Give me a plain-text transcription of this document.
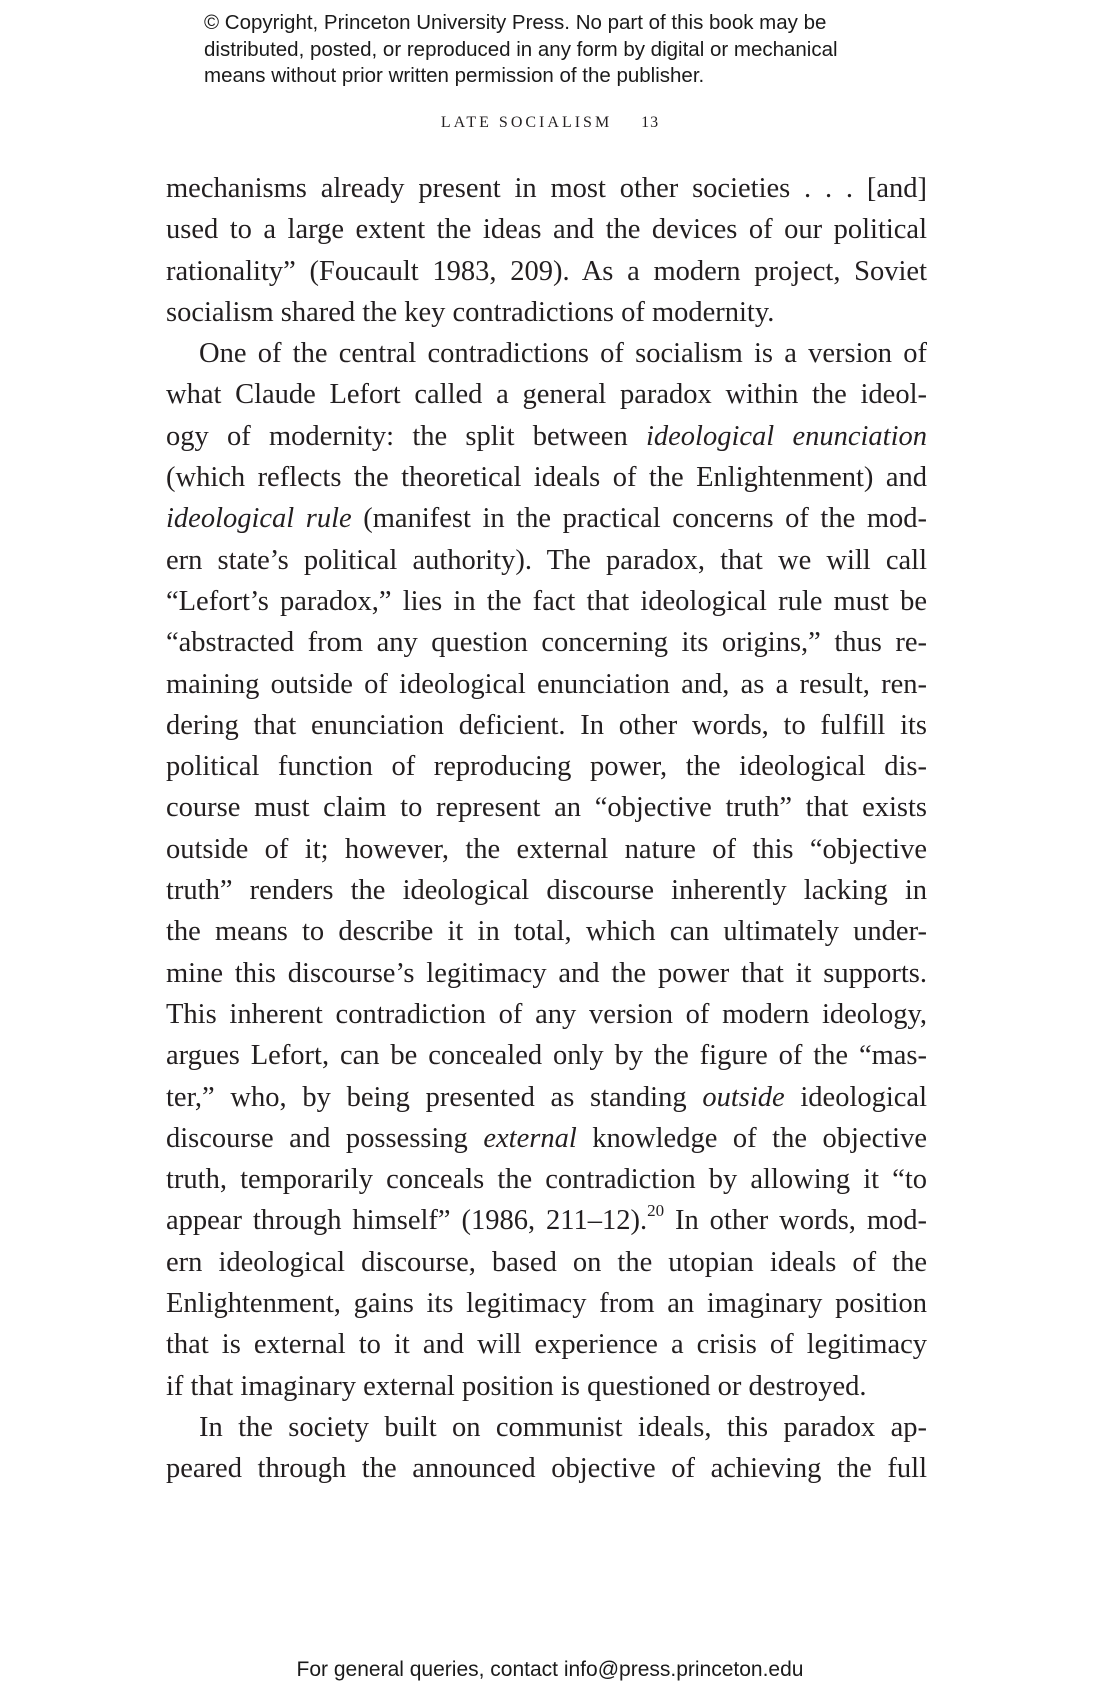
© Copyright, Princeton University Press. No part of this book may be
distributed, posted, or reproduced in any form by digital or mechanical
means without prior written permission of the publisher.
LATE SOCIALISM 13
mechanisms already present in most other societies . . . [and]
used to a large extent the ideas and the devices of our political
rationality” (Foucault 1983, 209). As a modern project, Soviet
socialism shared the key contradictions of modernity.
One of the central contradictions of socialism is a version of
what Claude Lefort called a general paradox within the ideol-
ogy of modernity: the split between ideological enunciation
(which reflects the theoretical ideals of the Enlightenment) and
ideological rule (manifest in the practical concerns of the mod-
ern state’s political authority). The paradox, that we will call
“Lefort’s paradox,” lies in the fact that ideological rule must be
“abstracted from any question concerning its origins,” thus re-
maining outside of ideological enunciation and, as a result, ren-
dering that enunciation deficient. In other words, to fulfill its
political function of reproducing power, the ideological dis-
course must claim to represent an “objective truth” that exists
outside of it; however, the external nature of this “objective
truth” renders the ideological discourse inherently lacking in
the means to describe it in total, which can ultimately under-
mine this discourse’s legitimacy and the power that it supports.
This inherent contradiction of any version of modern ideology,
argues Lefort, can be concealed only by the figure of the “mas-
ter,” who, by being presented as standing outside ideological
discourse and possessing external knowledge of the objective
truth, temporarily conceals the contradiction by allowing it “to
appear through himself” (1986, 211–12).$^{20}$ In other words, mod-
ern ideological discourse, based on the utopian ideals of the
Enlightenment, gains its legitimacy from an imaginary position
that is external to it and will experience a crisis of legitimacy
if that imaginary external position is questioned or destroyed.
In the society built on communist ideals, this paradox ap-
peared through the announced objective of achieving the full
For general queries, contact info@press.princeton.edu
